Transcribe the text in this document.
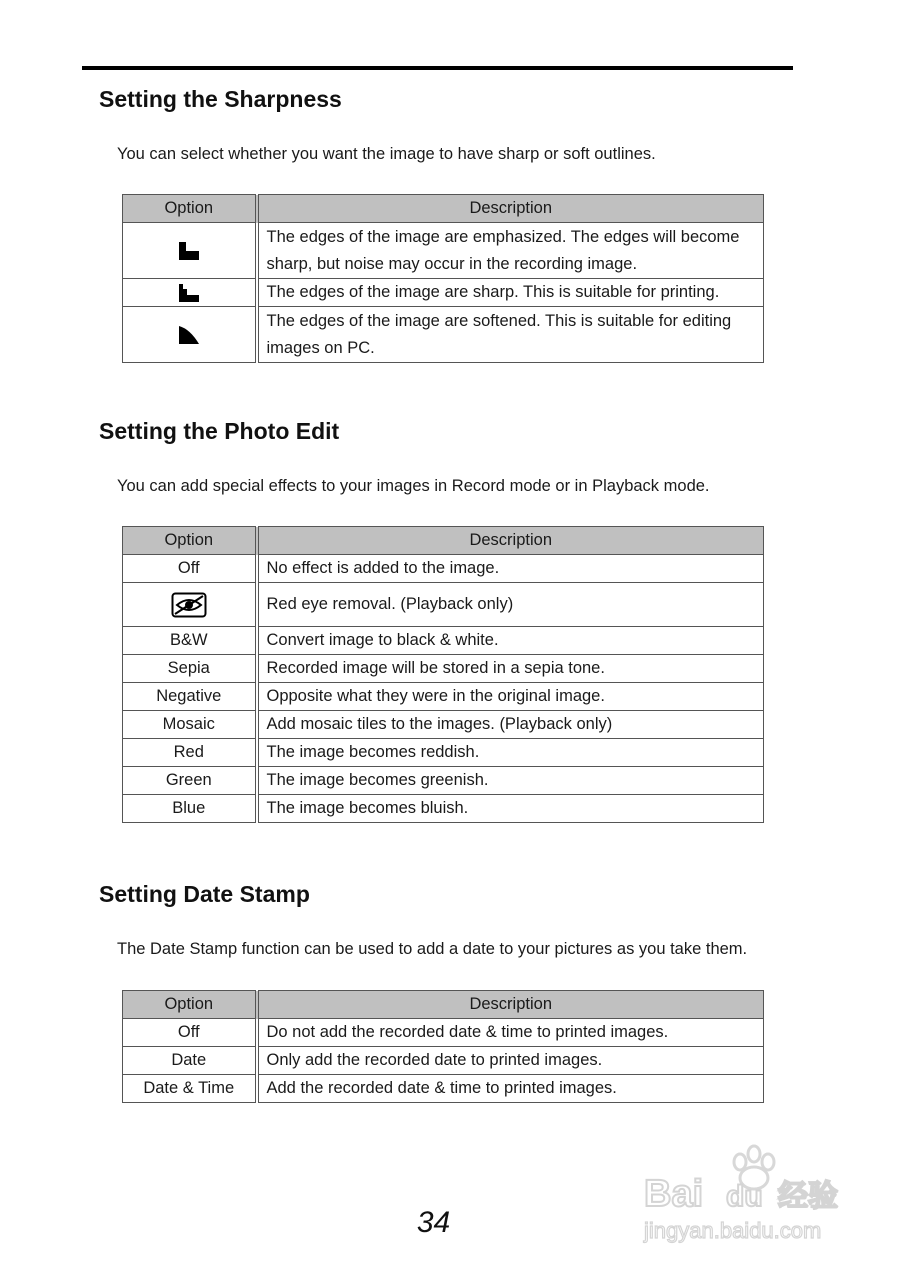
Setting the Sharpness

You can select whether you want the image to have sharp or soft outlines.

Option	Description

	The edges of the image are emphasized. The edges will become sharp, but noise may occur in the recording image.

	The edges of the image are sharp. This is suitable for printing.

	The edges of the image are softened. This is suitable for editing images on PC.
Setting the Photo Edit

You can add special effects to your images in Record mode or in Playback mode.

Option	Description
Off	No effect is added to the image.

	Red eye removal. (Playback only)
B&W	Convert image to black & white.
Sepia	Recorded image will be stored in a sepia tone.
Negative	Opposite what they were in the original image.
Mosaic	Add mosaic tiles to the images. (Playback only)
Red	The image becomes reddish.
Green	The image becomes greenish.
Blue	The image becomes bluish.
Setting Date Stamp

The Date Stamp function can be used to add a date to your pictures as you take them.

Option	Description
Off	Do not add the recorded date & time to printed images.
Date	Only add the recorded date to printed images.
Date & Time	Add the recorded date & time to printed images.
34
Bai du 经验
jingyan.baidu.com
